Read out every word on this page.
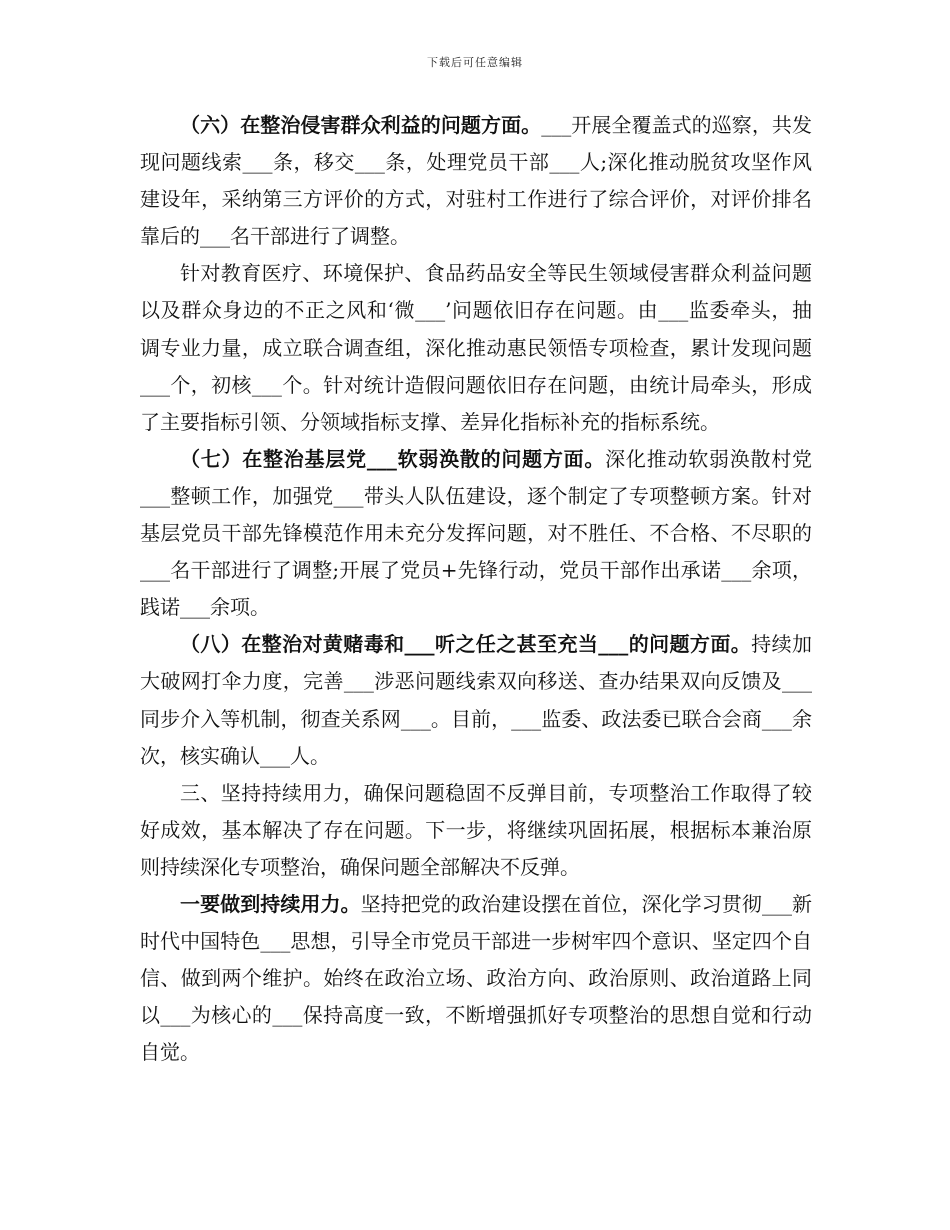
下载后可任意编辑

（六）在整治侵害群众利益的问题方面。___开展全覆盖式的巡察，共发现问题线索___条，移交___条，处理党员干部___人;深化推动脱贫攻坚作风建设年，采纳第三方评价的方式，对驻村工作进行了综合评价，对评价排名靠后的___名干部进行了调整。

针对教育医疗、环境保护、食品药品安全等民生领域侵害群众利益问题以及群众身边的不正之风和‘微___’问题依旧存在问题。由___监委牵头，抽调专业力量，成立联合调查组，深化推动惠民领悟专项检查，累计发现问题___个，初核___个。针对统计造假问题依旧存在问题，由统计局牵头，形成了主要指标引领、分领域指标支撑、差异化指标补充的指标系统。

（七）在整治基层党___软弱涣散的问题方面。深化推动软弱涣散村党___整顿工作，加强党___带头人队伍建设，逐个制定了专项整顿方案。针对基层党员干部先锋模范作用未充分发挥问题，对不胜任、不合格、不尽职的___名干部进行了调整;开展了党员+先锋行动，党员干部作出承诺___余项，践诺___余项。

（八）在整治对黄赌毒和___听之任之甚至充当___的问题方面。持续加大破网打伞力度，完善___涉恶问题线索双向移送、查办结果双向反馈及___同步介入等机制，彻查关系网___。目前，___监委、政法委已联合会商___余次，核实确认___人。

三、坚持持续用力，确保问题稳固不反弹目前，专项整治工作取得了较好成效，基本解决了存在问题。下一步，将继续巩固拓展，根据标本兼治原则持续深化专项整治，确保问题全部解决不反弹。

一要做到持续用力。坚持把党的政治建设摆在首位，深化学习贯彻___新时代中国特色___思想，引导全市党员干部进一步树牢四个意识、坚定四个自信、做到两个维护。始终在政治立场、政治方向、政治原则、政治道路上同以___为核心的___保持高度一致，不断增强抓好专项整治的思想自觉和行动自觉。
